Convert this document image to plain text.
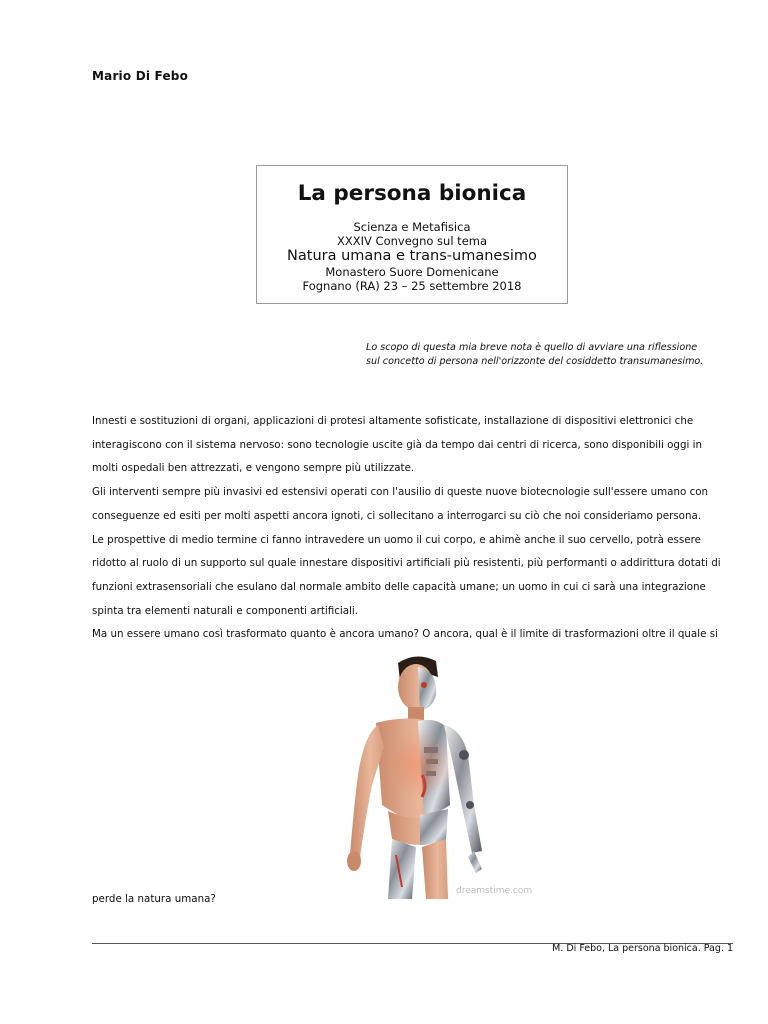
Mario Di Febo
La persona bionica
Scienza e Metafisica
XXXIV Convegno sul tema
Natura umana e trans-umanesimo
Monastero Suore Domenicane
Fognano (RA) 23 – 25 settembre 2018
Lo scopo di questa mia breve nota è quello di avviare una riflessione
sul concetto di persona nell'orizzonte del cosiddetto transumanesimo.

Innesti e sostituzioni di organi, applicazioni di protesi altamente sofisticate, installazione di dispositivi elettronici che

interagiscono con il sistema nervoso: sono tecnologie uscite già da tempo dai centri di ricerca, sono disponibili oggi in

molti ospedali ben attrezzati, e vengono sempre più utilizzate.

Gli interventi sempre più invasivi ed estensivi operati con l'ausilio di queste nuove biotecnologie sull'essere umano con

conseguenze ed esiti per molti aspetti ancora ignoti, ci sollecitano a interrogarci su ciò che noi consideriamo persona.

Le prospettive di medio termine ci fanno intravedere un uomo il cui corpo, e ahimè anche il suo cervello, potrà essere

ridotto al ruolo di un supporto sul quale innestare dispositivi artificiali più resistenti, più performanti o addirittura dotati di

funzioni extrasensoriali che esulano dal normale ambito delle capacità umane; un uomo in cui ci sarà una integrazione

spinta tra elementi naturali e componenti artificiali.

Ma un essere umano così trasformato quanto è ancora umano? O ancora, qual è il limite di trasformazioni oltre il quale si

dreamstime.com
perde la natura umana?
M. Di Febo, La persona bionica. Pag. 1
